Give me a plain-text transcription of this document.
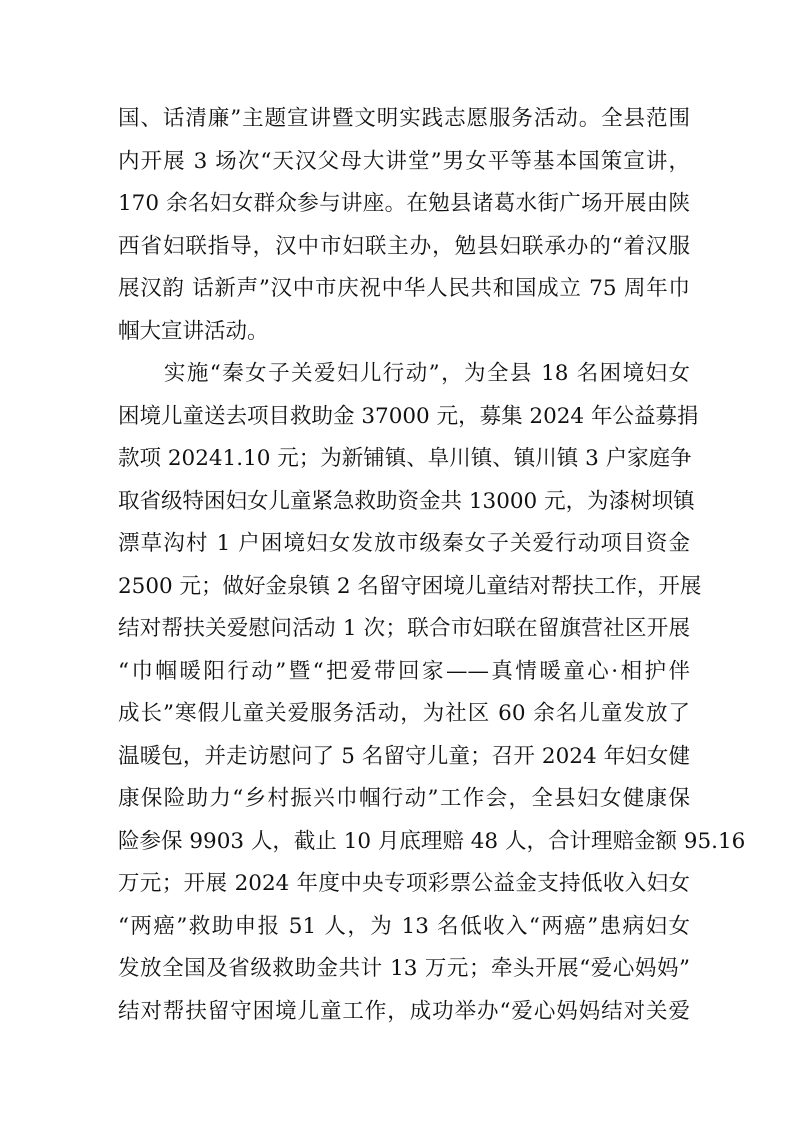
国、话清廉”主题宣讲暨文明实践志愿服务活动。全县范围
内开展 3 场次“天汉父母大讲堂”男女平等基本国策宣讲，
170 余名妇女群众参与讲座。在勉县诸葛水街广场开展由陕
西省妇联指导，汉中市妇联主办，勉县妇联承办的“着汉服
展汉韵 话新声”汉中市庆祝中华人民共和国成立 75 周年巾
帼大宣讲活动。
　　实施“秦女子关爱妇儿行动”，为全县 18 名困境妇女
困境儿童送去项目救助金 37000 元，募集 2024 年公益募捐
款项 20241.10 元；为新铺镇、阜川镇、镇川镇 3 户家庭争
取省级特困妇女儿童紧急救助资金共 13000 元，为漆树坝镇
漂草沟村 1 户困境妇女发放市级秦女子关爱行动项目资金
2500 元；做好金泉镇 2 名留守困境儿童结对帮扶工作，开展
结对帮扶关爱慰问活动 1 次；联合市妇联在留旗营社区开展
“巾帼暖阳行动”暨“把爱带回家——真情暖童心·相护伴
成长”寒假儿童关爱服务活动，为社区 60 余名儿童发放了
温暖包，并走访慰问了 5 名留守儿童；召开 2024 年妇女健
康保险助力“乡村振兴巾帼行动”工作会，全县妇女健康保
险参保 9903 人，截止 10 月底理赔 48 人，合计理赔金额 95.16
万元；开展 2024 年度中央专项彩票公益金支持低收入妇女
“两癌”救助申报 51 人，为 13 名低收入“两癌”患病妇女
发放全国及省级救助金共计 13 万元；牵头开展“爱心妈妈”
结对帮扶留守困境儿童工作，成功举办“爱心妈妈结对关爱
